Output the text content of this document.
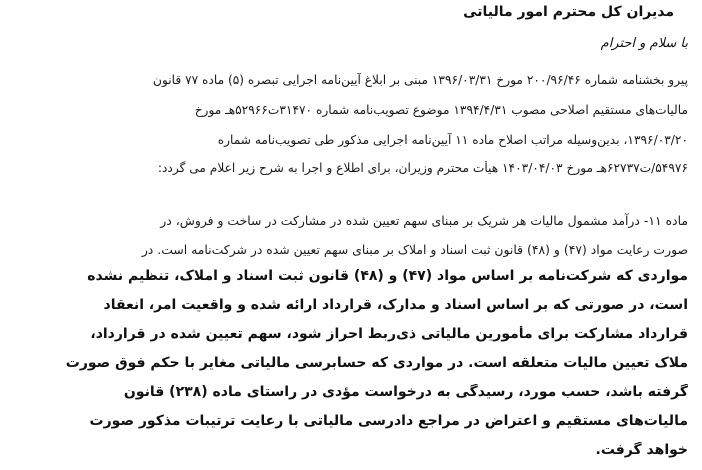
مدیران کل محترم امور مالیاتی

با سلام و احترام

پیرو بخشنامه شماره ۲۰۰/۹۶/۴۶ مورخ ۱۳۹۶/۰۳/۳۱ مبنی بر ابلاغ آیین‌نامه اجرایی تبصره (۵) ماده ۷۷ قانون

مالیات‌های مستقیم اصلاحی مصوب ۱۳۹۴/۴/۳۱ موضوع تصویب‌نامه شماره ۳۱۴۷۰ت۵۲۹۶۶هـ مورخ

۱۳۹۶/۰۳/۲۰، بدین‌وسیله مراتب اصلاح ماده ۱۱ آیین‌نامه اجرایی مذکور طی تصویب‌نامه شماره

۵۴۹۷۶/ت۶۲۷۳۷هـ مورخ ۱۴۰۳/۰۴/۰۳ هیأت محترم وزیران، برای اطلاع و اجرا به شرح زیر اعلام می گردد:

ماده ۱۱- درآمد مشمول مالیات هر شریک بر مبنای سهم تعیین شده در مشارکت در ساخت و فروش، در

صورت رعایت مواد (۴۷) و (۴۸) قانون ثبت اسناد و املاک بر مبنای سهم تعیین شده در شرکت‌نامه است. در

مواردی که شرکت‌نامه بر اساس مواد (۴۷) و (۴۸) قانون ثبت اسناد و املاک، تنظیم نشده

است، در صورتی که بر اساس اسناد و مدارک، قرارداد ارائه شده و واقعیت امر، انعقاد

قرارداد مشارکت برای مأمورین مالیاتی ذی‌ربط احراز شود، سهم تعیین شده در قرارداد،

ملاک تعیین مالیات متعلقه است. در مواردی که حسابرسی مالیاتی مغایر با حکم فوق صورت

گرفته باشد، حسب مورد، رسیدگی به درخواست مؤدی در راستای ماده (۲۳۸) قانون

مالیات‌های مستقیم و اعتراض در مراجع دادرسی مالیاتی با رعایت ترتیبات مذکور صورت

خواهد گرفت.
